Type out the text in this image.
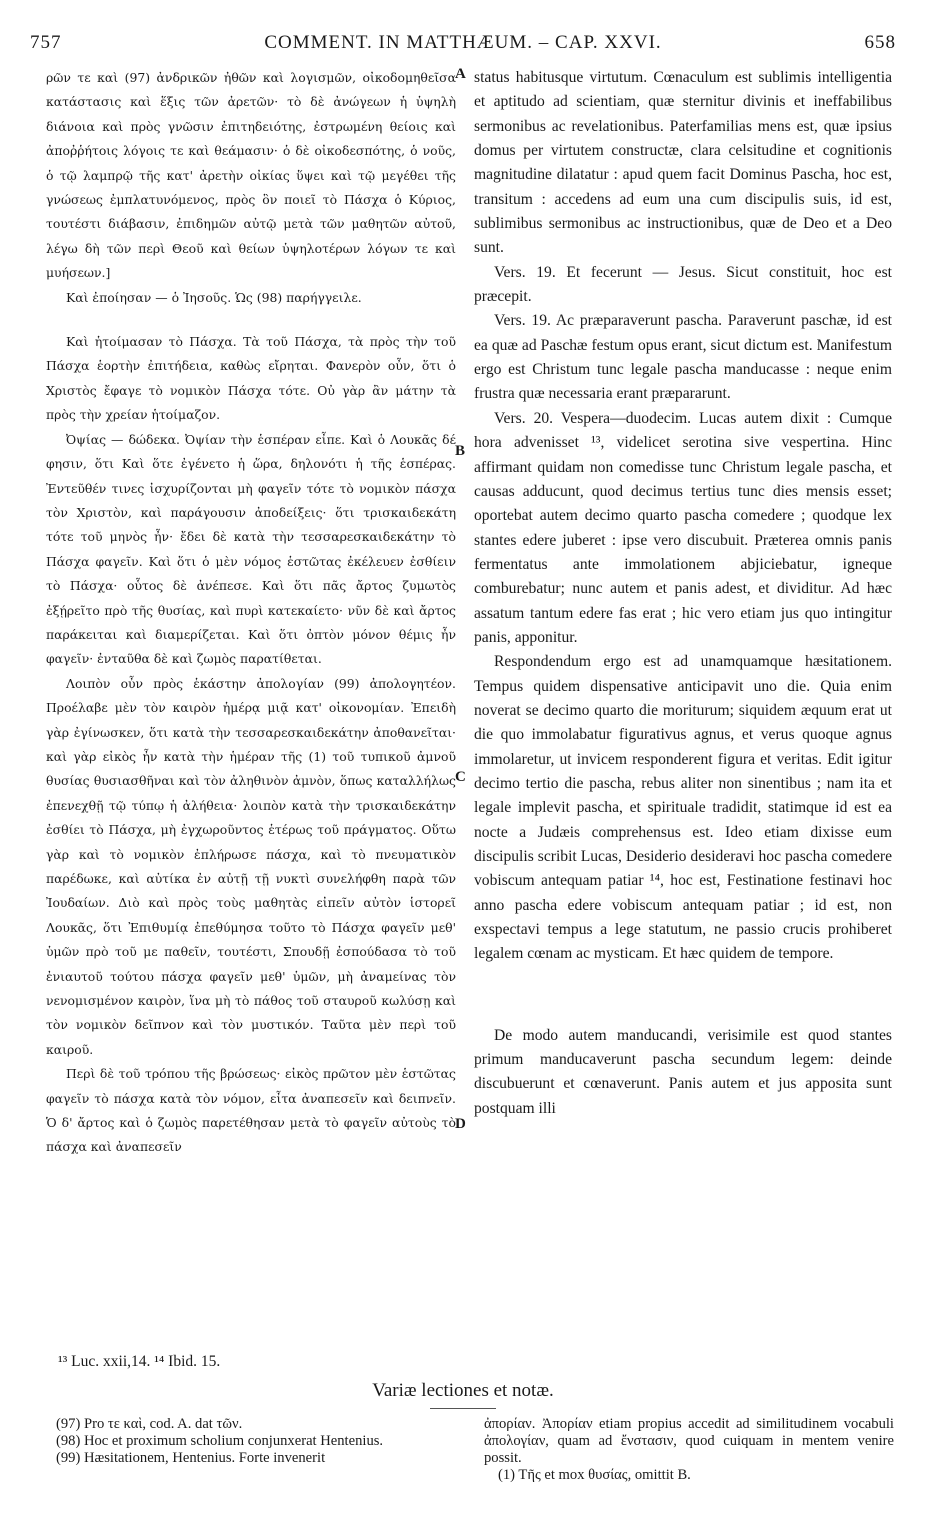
757	COMMENT. IN MATTHÆUM. – CAP. XXVI.	658

ρῶν τε καὶ (97) ἀνδρικῶν ἠθῶν καὶ λογισμῶν, οἰκοδομηθεῖσα κατάστασις καὶ ἕξις τῶν ἀρετῶν· τὸ δὲ ἀνώγεων ἡ ὑψηλὴ διάνοια καὶ πρὸς γνῶσιν ἐπιτηδειότης, ἐστρωμένη θείοις καὶ ἀποῤῥήτοις λόγοις τε καὶ θεάμασιν· ὁ δὲ οἰκοδεσπότης, ὁ νοῦς, ὁ τῷ λαμπρῷ τῆς κατ' ἀρετὴν οἰκίας ὕψει καὶ τῷ μεγέθει τῆς γνώσεως ἐμπλατυνόμενος, πρὸς ὃν ποιεῖ τὸ Πάσχα ὁ Κύριος, τουτέστι διάβασιν, ἐπιδημῶν αὐτῷ μετὰ τῶν μαθητῶν αὐτοῦ, λέγω δὴ τῶν περὶ Θεοῦ καὶ θείων ὑψηλοτέρων λόγων τε καὶ μυήσεων.]

Καὶ ἐποίησαν — ὁ Ἰησοῦς. Ὡς (98) παρήγγειλε.

Καὶ ἡτοίμασαν τὸ Πάσχα. Τὰ τοῦ Πάσχα, τὰ πρὸς τὴν τοῦ Πάσχα ἑορτὴν ἐπιτήδεια, καθὼς εἴρηται. Φανερὸν οὖν, ὅτι ὁ Χριστὸς ἔφαγε τὸ νομικὸν Πάσχα τότε. Οὐ γὰρ ἂν μάτην τὰ πρὸς τὴν χρείαν ἡτοίμαζον.

Ὀψίας — δώδεκα. Ὀψίαν τὴν ἑσπέραν εἶπε. Καὶ ὁ Λουκᾶς δέ φησιν, ὅτι Καὶ ὅτε ἐγένετο ἡ ὥρα, δηλονότι ἡ τῆς ἑσπέρας. Ἐντεῦθέν τινες ἰσχυρίζονται μὴ φαγεῖν τότε τὸ νομικὸν πάσχα τὸν Χριστὸν, καὶ παράγουσιν ἀποδείξεις· ὅτι τρισκαιδεκάτη τότε τοῦ μηνὸς ἦν· ἔδει δὲ κατὰ τὴν τεσσαρεσκαιδεκάτην τὸ Πάσχα φαγεῖν. Καὶ ὅτι ὁ μὲν νόμος ἑστῶτας ἐκέλευεν ἐσθίειν τὸ Πάσχα· οὗτος δὲ ἀνέπεσε. Καὶ ὅτι πᾶς ἄρτος ζυμωτὸς ἐξῄρεῖτο πρὸ τῆς θυσίας, καὶ πυρὶ κατεκαίετο· νῦν δὲ καὶ ἄρτος παράκειται καὶ διαμερίζεται. Καὶ ὅτι ὀπτὸν μόνον θέμις ἦν φαγεῖν· ἐνταῦθα δὲ καὶ ζωμὸς παρατίθεται.

Λοιπὸν οὖν πρὸς ἑκάστην ἀπολογίαν (99) ἀπολογητέον. Προέλαβε μὲν τὸν καιρὸν ἡμέρᾳ μιᾷ κατ' οἰκονομίαν. Ἐπειδὴ γὰρ ἐγίνωσκεν, ὅτι κατὰ τὴν τεσσαρεσκαιδεκάτην ἀποθανεῖται· καὶ γὰρ εἰκὸς ἦν κατὰ τὴν ἡμέραν τῆς (1) τοῦ τυπικοῦ ἀμνοῦ θυσίας θυσιασθῆναι καὶ τὸν ἀληθινὸν ἀμνὸν, ὅπως καταλλήλως ἐπενεχθῇ τῷ τύπῳ ἡ ἀλήθεια· λοιπὸν κατὰ τὴν τρισκαιδεκάτην ἐσθίει τὸ Πάσχα, μὴ ἐγχωροῦντος ἑτέρως τοῦ πράγματος. Οὕτω γὰρ καὶ τὸ νομικὸν ἐπλήρωσε πάσχα, καὶ τὸ πνευματικὸν παρέδωκε, καὶ αὐτίκα ἐν αὐτῇ τῇ νυκτὶ συνελήφθη παρὰ τῶν Ἰουδαίων. Διὸ καὶ πρὸς τοὺς μαθητὰς εἰπεῖν αὐτὸν ἱστορεῖ Λουκᾶς, ὅτι Ἐπιθυμίᾳ ἐπεθύμησα τοῦτο τὸ Πάσχα φαγεῖν μεθ' ὑμῶν πρὸ τοῦ με παθεῖν, τουτέστι, Σπουδῇ ἐσπούδασα τὸ τοῦ ἐνιαυτοῦ τούτου πάσχα φαγεῖν μεθ' ὑμῶν, μὴ ἀναμείνας τὸν νενομισμένον καιρὸν, ἵνα μὴ τὸ πάθος τοῦ σταυροῦ κωλύσῃ καὶ τὸν νομικὸν δεῖπνον καὶ τὸν μυστικόν. Ταῦτα μὲν περὶ τοῦ καιροῦ.

Περὶ δὲ τοῦ τρόπου τῆς βρώσεως· εἰκὸς πρῶτον μὲν ἑστῶτας φαγεῖν τὸ πάσχα κατὰ τὸν νόμον, εἶτα ἀναπεσεῖν καὶ δειπνεῖν. Ὁ δ' ἄρτος καὶ ὁ ζωμὸς παρετέθησαν μετὰ τὸ φαγεῖν αὐτοὺς τὸ πάσχα καὶ ἀναπεσεῖν

A
B
C
D

status habitusque virtutum. Cœnaculum est sublimis intelligentia et aptitudo ad scientiam, quæ sternitur divinis et ineffabilibus sermonibus ac revelationibus. Paterfamilias mens est, quæ ipsius domus per virtutem constructæ, clara celsitudine et cognitionis magnitudine dilatatur : apud quem facit Dominus Pascha, hoc est, transitum : accedens ad eum una cum discipulis suis, id est, sublimibus sermonibus ac instructionibus, quæ de Deo et a Deo sunt.

Vers. 19. Et fecerunt — Jesus. Sicut constituit, hoc est præcepit.

Vers. 19. Ac præparaverunt pascha. Paraverunt paschæ, id est ea quæ ad Paschæ festum opus erant, sicut dictum est. Manifestum ergo est Christum tunc legale pascha manducasse : neque enim frustra quæ necessaria erant præpararunt.

Vers. 20. Vespera—duodecim. Lucas autem dixit : Cumque hora advenisset ¹³, videlicet serotina sive vespertina. Hinc affirmant quidam non comedisse tunc Christum legale pascha, et causas adducunt, quod decimus tertius tunc dies mensis esset; oportebat autem decimo quarto pascha comedere ; quodque lex stantes edere juberet : ipse vero discubuit. Præterea omnis panis fermentatus ante immolationem abjiciebatur, igneque comburebatur; nunc autem et panis adest, et dividitur. Ad hæc assatum tantum edere fas erat ; hic vero etiam jus quo intingitur panis, apponitur.

Respondendum ergo est ad unamquamque hæsitationem. Tempus quidem dispensative anticipavit uno die. Quia enim noverat se decimo quarto die moriturum; siquidem æquum erat ut die quo immolabatur figurativus agnus, et verus quoque agnus immolaretur, ut invicem responderent figura et veritas. Edit igitur decimo tertio die pascha, rebus aliter non sinentibus ; nam ita et legale implevit pascha, et spirituale tradidit, statimque id est ea nocte a Judæis comprehensus est. Ideo etiam dixisse eum discipulis scribit Lucas, Desiderio desideravi hoc pascha comedere vobiscum antequam patiar ¹⁴, hoc est, Festinatione festinavi hoc anno pascha edere vobiscum antequam patiar ; id est, non exspectavi tempus a lege statutum, ne passio crucis prohiberet legalem cœnam ac mysticam. Et hæc quidem de tempore.

De modo autem manducandi, verisimile est quod stantes primum manducaverunt pascha secundum legem: deinde discubuerunt et cœnaverunt. Panis autem et jus apposita sunt postquam illi

¹³ Luc. xxii,14. ¹⁴ Ibid. 15.
Variæ lectiones et notæ.

(97) Pro τε καὶ, cod. A. dat τῶν.

(98) Hoc et proximum scholium conjunxerat Hentenius.

(99) Hæsitationem, Hentenius. Forte invenerit

ἀπορίαν. Ἀπορίαν etiam propius accedit ad similitudinem vocabuli ἀπολογίαν, quam ad ἔνστασιν, quod cuiquam in mentem venire possit.

(1) Τῆς et mox θυσίας, omittit B.
